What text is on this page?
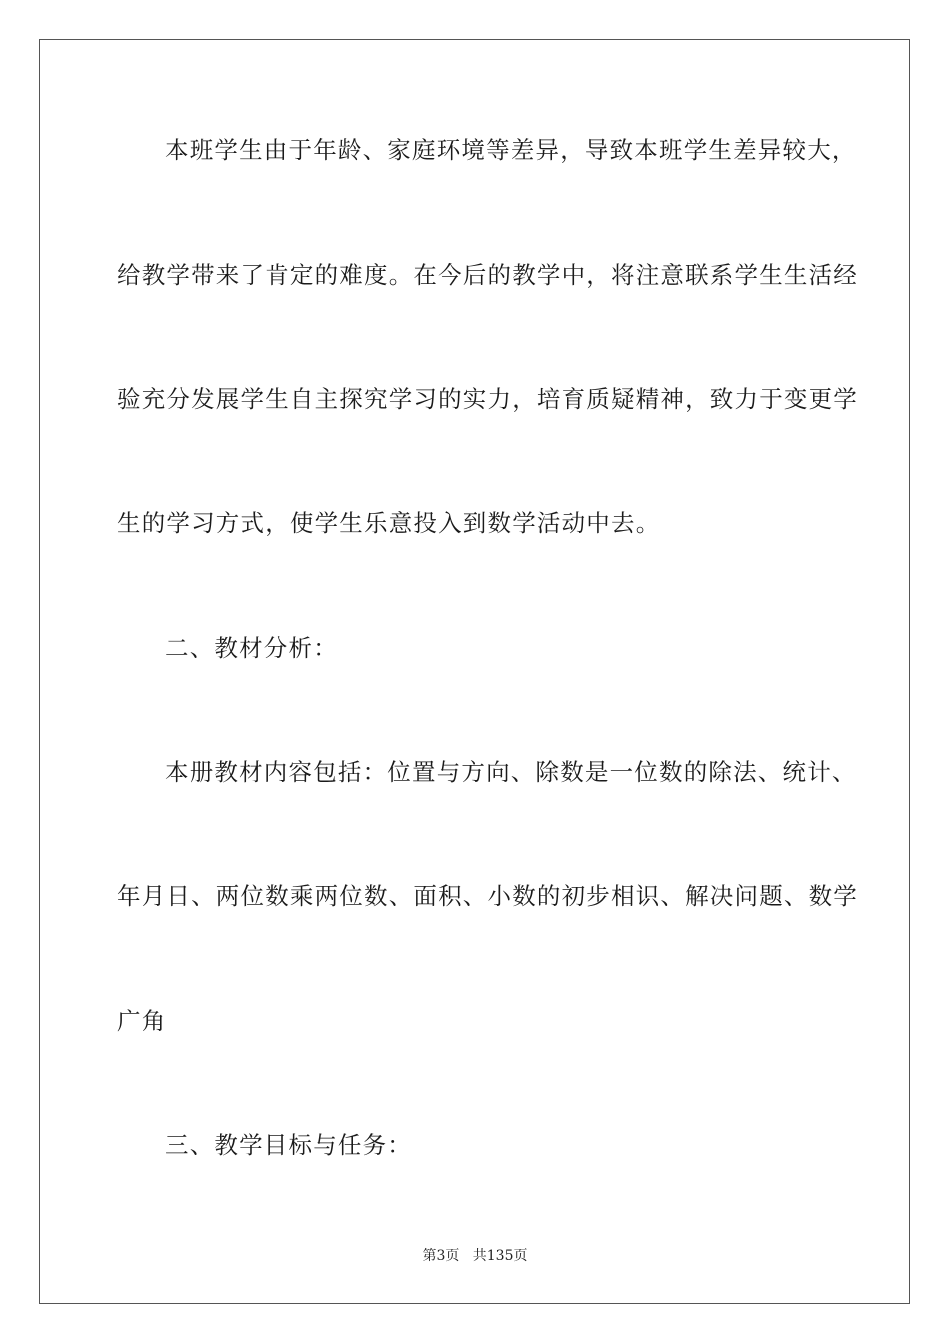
本班学生由于年龄、家庭环境等差异，导致本班学生差异较大，
给教学带来了肯定的难度。在今后的教学中，将注意联系学生生活经
验充分发展学生自主探究学习的实力，培育质疑精神，致力于变更学
生的学习方式，使学生乐意投入到数学活动中去。
二、教材分析：
本册教材内容包括：位置与方向、除数是一位数的除法、统计、
年月日、两位数乘两位数、面积、小数的初步相识、解决问题、数学
广角
三、教学目标与任务：
第3页 共135页
